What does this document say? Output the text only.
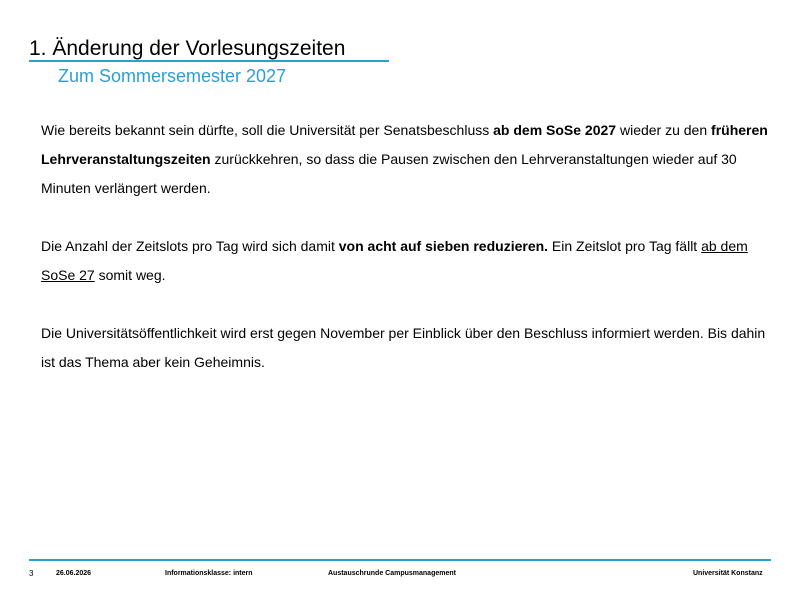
1. Änderung der Vorlesungszeiten
Zum Sommersemester 2027

Wie bereits bekannt sein dürfte, soll die Universität per Senatsbeschluss ab dem SoSe 2027 wieder zu den früheren Lehrveranstaltungszeiten zurückkehren, so dass die Pausen zwischen den Lehrveranstaltungen wieder auf 30 Minuten verlängert werden.

Die Anzahl der Zeitslots pro Tag wird sich damit von acht auf sieben reduzieren. Ein Zeitslot pro Tag fällt ab dem SoSe 27 somit weg.

Die Universitätsöffentlichkeit wird erst gegen November per Einblick über den Beschluss informiert werden. Bis dahin ist das Thema aber kein Geheimnis.

3	26.06.2026	Informationsklasse: intern	Austauschrunde Campusmanagement	Universität Konstanz
